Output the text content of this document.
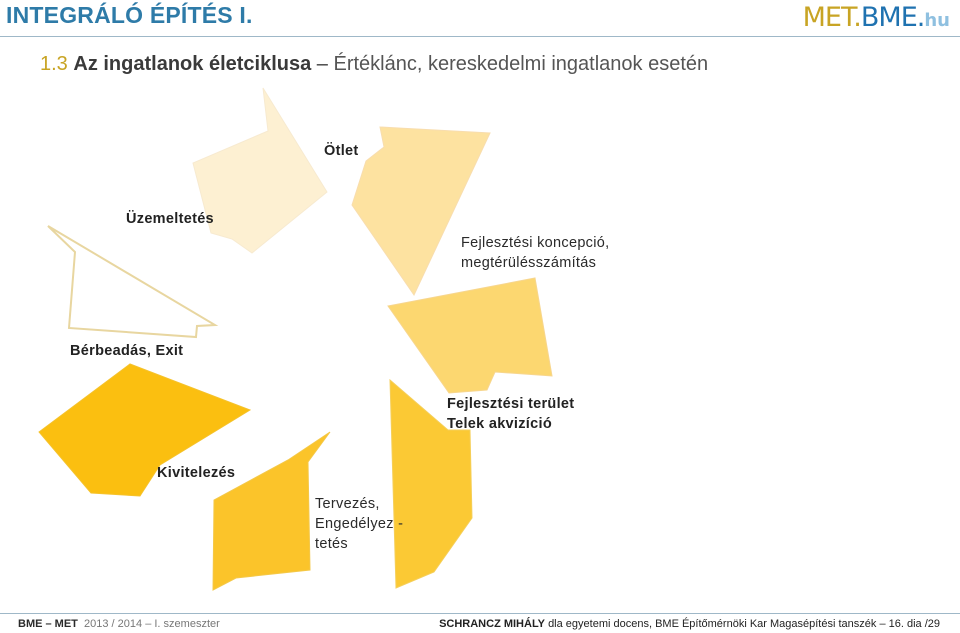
INTEGRÁLÓ ÉPÍTÉS I.	MET.BME.hu
1.3 Az ingatlanok életciklusa – Értéklánc, kereskedelmi ingatlanok esetén
Ötlet
Fejlesztési koncepció,
megtérülésszámítás
Fejlesztési terület
Telek akvizíció
Tervezés,
Engedélyez -
tetés
Kivitelezés
Bérbeadás, Exit
Üzemeltetés
BME – MET 2013 / 2014 – I. szemeszter	SCHRANCZ MIHÁLY dla egyetemi docens, BME Építőmérnöki Kar Magasépítési tanszék – 16. dia /29
